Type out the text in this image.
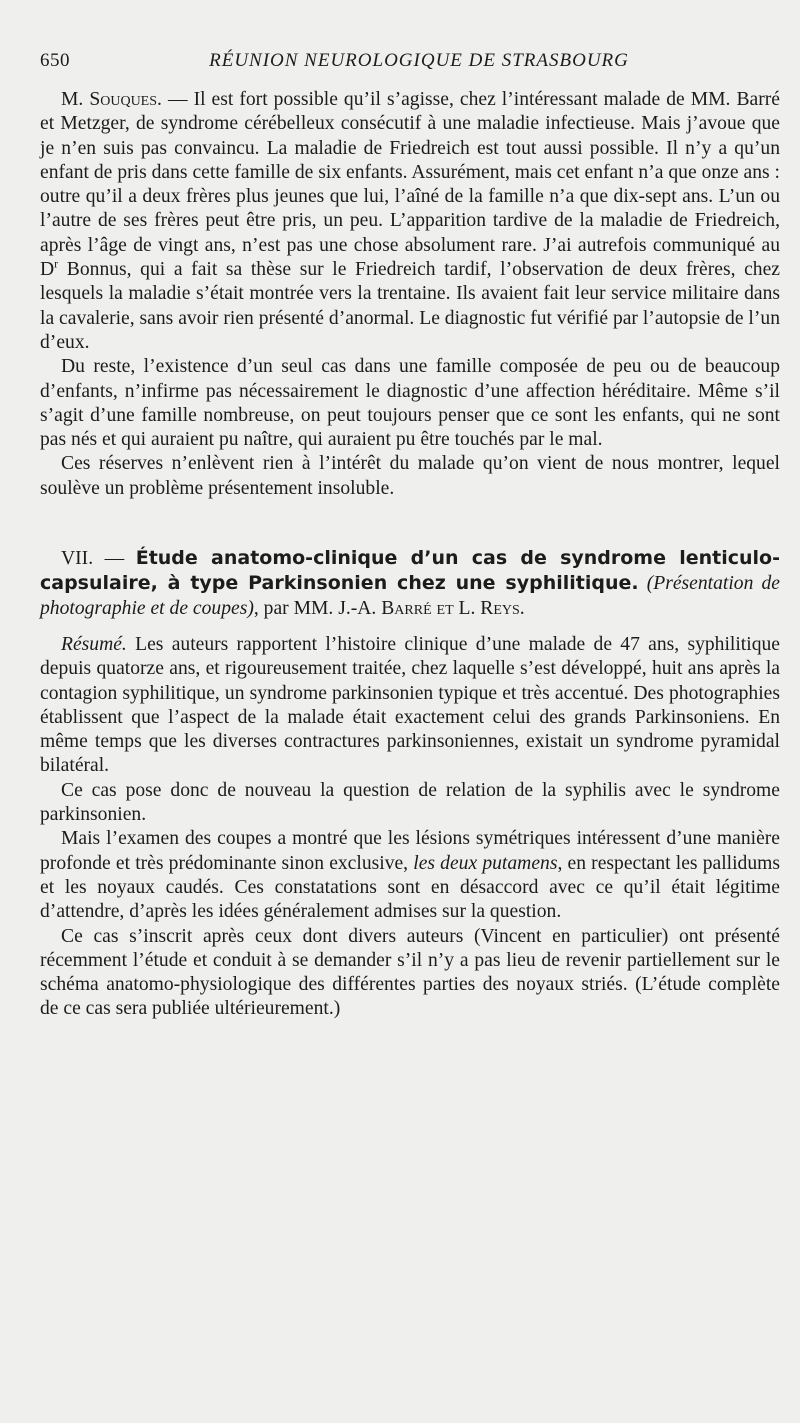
650	RÉUNION NEUROLOGIQUE DE STRASBOURG

M. Souques. — Il est fort possible qu’il s’agisse, chez l’intéressant malade de MM. Barré et Metzger, de syndrome cérébelleux consécutif à une maladie infectieuse. Mais j’avoue que je n’en suis pas convaincu. La maladie de Friedreich est tout aussi possible. Il n’y a qu’un enfant de pris dans cette famille de six enfants. Assurément, mais cet enfant n’a que onze ans : outre qu’il a deux frères plus jeunes que lui, l’aîné de la famille n’a que dix-sept ans. L’un ou l’autre de ses frères peut être pris, un peu. L’apparition tardive de la maladie de Friedreich, après l’âge de vingt ans, n’est pas une chose absolument rare. J’ai autrefois communiqué au $D^r$ Bonnus, qui a fait sa thèse sur le Friedreich tardif, l’observation de deux frères, chez lesquels la maladie s’était montrée vers la trentaine. Ils avaient fait leur service militaire dans la cavalerie, sans avoir rien présenté d’anormal. Le diagnostic fut vérifié par l’autopsie de l’un d’eux.

Du reste, l’existence d’un seul cas dans une famille composée de peu ou de beaucoup d’enfants, n’infirme pas nécessairement le diagnostic d’une affection héréditaire. Même s’il s’agit d’une famille nombreuse, on peut toujours penser que ce sont les enfants, qui ne sont pas nés et qui auraient pu naître, qui auraient pu être touchés par le mal.

Ces réserves n’enlèvent rien à l’intérêt du malade qu’on vient de nous montrer, lequel soulève un problème présentement insoluble.

VII. — Étude anatomo-clinique d’un cas de syndrome lenticulo-capsulaire, à type Parkinsonien chez une syphilitique. (Présentation de photographie et de coupes), par MM. J.-A. Barré et L. Reys.

Résumé. Les auteurs rapportent l’histoire clinique d’une malade de 47 ans, syphilitique depuis quatorze ans, et rigoureusement traitée, chez laquelle s’est développé, huit ans après la contagion syphilitique, un syndrome parkinsonien typique et très accentué. Des photographies établissent que l’aspect de la malade était exactement celui des grands Parkinsoniens. En même temps que les diverses contractures parkinsoniennes, existait un syndrome pyramidal bilatéral.

Ce cas pose donc de nouveau la question de relation de la syphilis avec le syndrome parkinsonien.

Mais l’examen des coupes a montré que les lésions symétriques intéressent d’une manière profonde et très prédominante sinon exclusive, les deux putamens, en respectant les pallidums et les noyaux caudés. Ces constatations sont en désaccord avec ce qu’il était légitime d’attendre, d’après les idées généralement admises sur la question.

Ce cas s’inscrit après ceux dont divers auteurs (Vincent en particulier) ont présenté récemment l’étude et conduit à se demander s’il n’y a pas lieu de revenir partiellement sur le schéma anatomo-physiologique des différentes parties des noyaux striés. (L’étude complète de ce cas sera publiée ultérieurement.)
